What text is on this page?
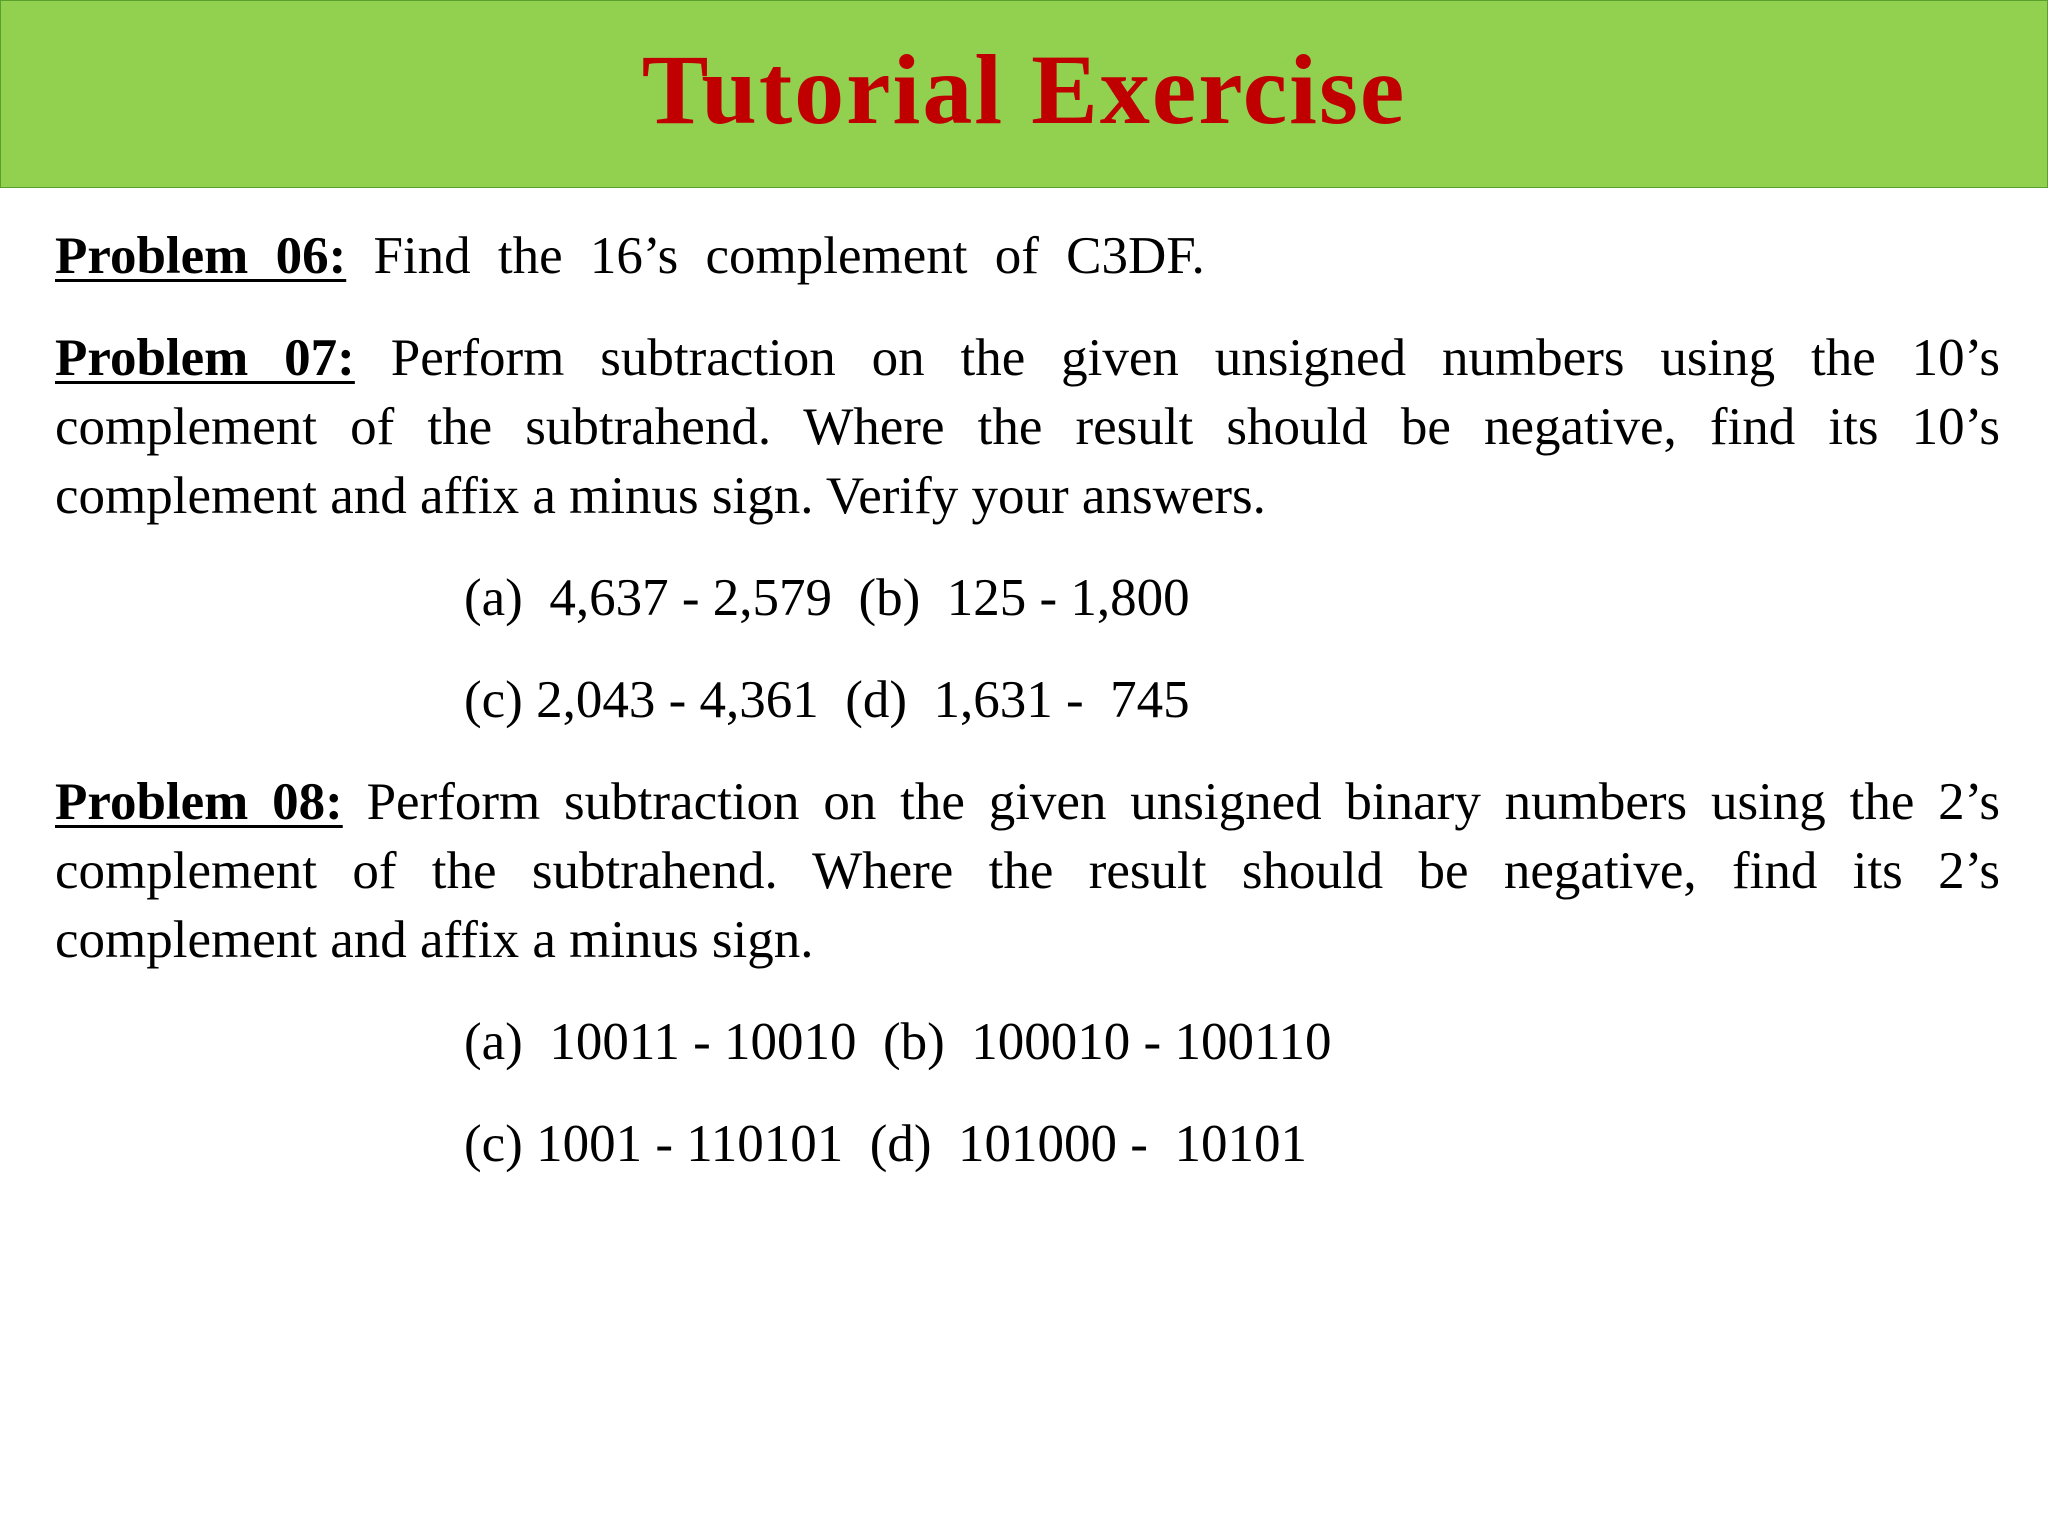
Tutorial Exercise
Problem 06: Find the 16’s complement of C3DF.
Problem 07: Perform subtraction on the given unsigned numbers using the 10’s complement of the subtrahend. Where the result should be negative, find its 10’s complement and affix a minus sign. Verify your answers.
(a)  4,637 - 2,579  (b)  125 - 1,800
(c) 2,043 - 4,361  (d)  1,631 -  745
Problem 08: Perform subtraction on the given unsigned binary numbers using the 2’s complement of the subtrahend. Where the result should be negative, find its 2’s complement and affix a minus sign.
(a)  10011 - 10010  (b)  100010 - 100110
(c) 1001 - 110101  (d)  101000 -  10101
